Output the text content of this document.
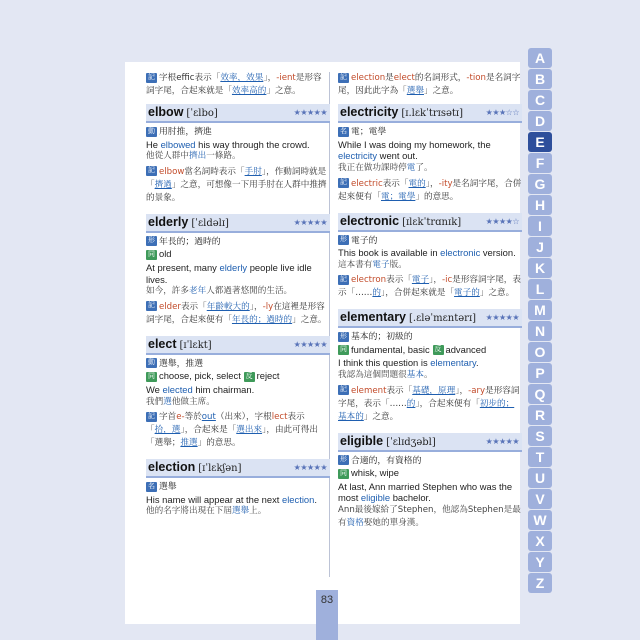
83
記 字根effic表示「效率，效果」，-ient是形容詞字尾，合起來就是「效率高的」之意。
elbow [ˈɛlbo]	★★★★★
動 用肘推，擠進
He elbowed his way through the crowd.
他從人群中擠出一條路。
記 elbow當名詞時表示「手肘」，作動詞時就是「擠過」之意，可想像一下用手肘在人群中推擠的景象。
elderly [ˈɛldəlɪ]	★★★★★
形 年長的；過時的
同 old
At present, many elderly people live idle lives.
如今，許多老年人都過著悠閒的生活。
記 elder表示「年齡較大的」，-ly在這裡是形容詞字尾，合起來便有「年長的；過時的」之意。
elect [ɪˈlɛkt]	★★★★★
動 選舉，推選
同 choose, pick, select 反 reject
We elected him chairman.
我們選他做主席。
記 字首e-等於out（出來），字根lect表示「拾，選」，合起來是「選出來」，由此可得出「選舉；推選」的意思。
election [ɪˈlɛkʃən]	★★★★★
名 選舉
His name will appear at the next election.
他的名字將出現在下屆選舉上。
記 election是elect的名詞形式，-tion是名詞字尾，因此此字為「選舉」之意。
electricity [ɪ.lɛkˈtrɪsətɪ]	★★★☆☆
名 電；電學
While I was doing my homework, the electricity went out.
我正在做功課時停電了。
記 electric表示「電的」，-ity是名詞字尾，合併起來便有「電；電學」的意思。
electronic [ɪlɛkˈtrɑnɪk]	★★★★☆
形 電子的
This book is available in electronic version.
這本書有電子版。
記 electron表示「電子」，-ic是形容詞字尾，表示「……的」，合併起來就是「電子的」之意。
elementary [.ɛləˈmɛntərɪ] ★★★★★
形 基本的；初級的
同 fundamental, basic 反 advanced
I think this question is elementary.
我認為這個問題很基本。
記 element表示「基礎，原理」，-ary是形容詞字尾，表示「……的」，合起來便有「初步的；基本的」之意。
eligible [ˈɛlɪdʒəbl]	★★★★★
形 合適的，有資格的
同 whisk, wipe
At last, Ann married Stephen who was the most eligible bachelor.
Ann最後嫁給了Stephen，他認為Stephen是最有資格娶她的單身漢。
A
B
C
D
E
F
G
H
I
J
K
L
M
N
O
P
Q
R
S
T
U
V
W
X
Y
Z
